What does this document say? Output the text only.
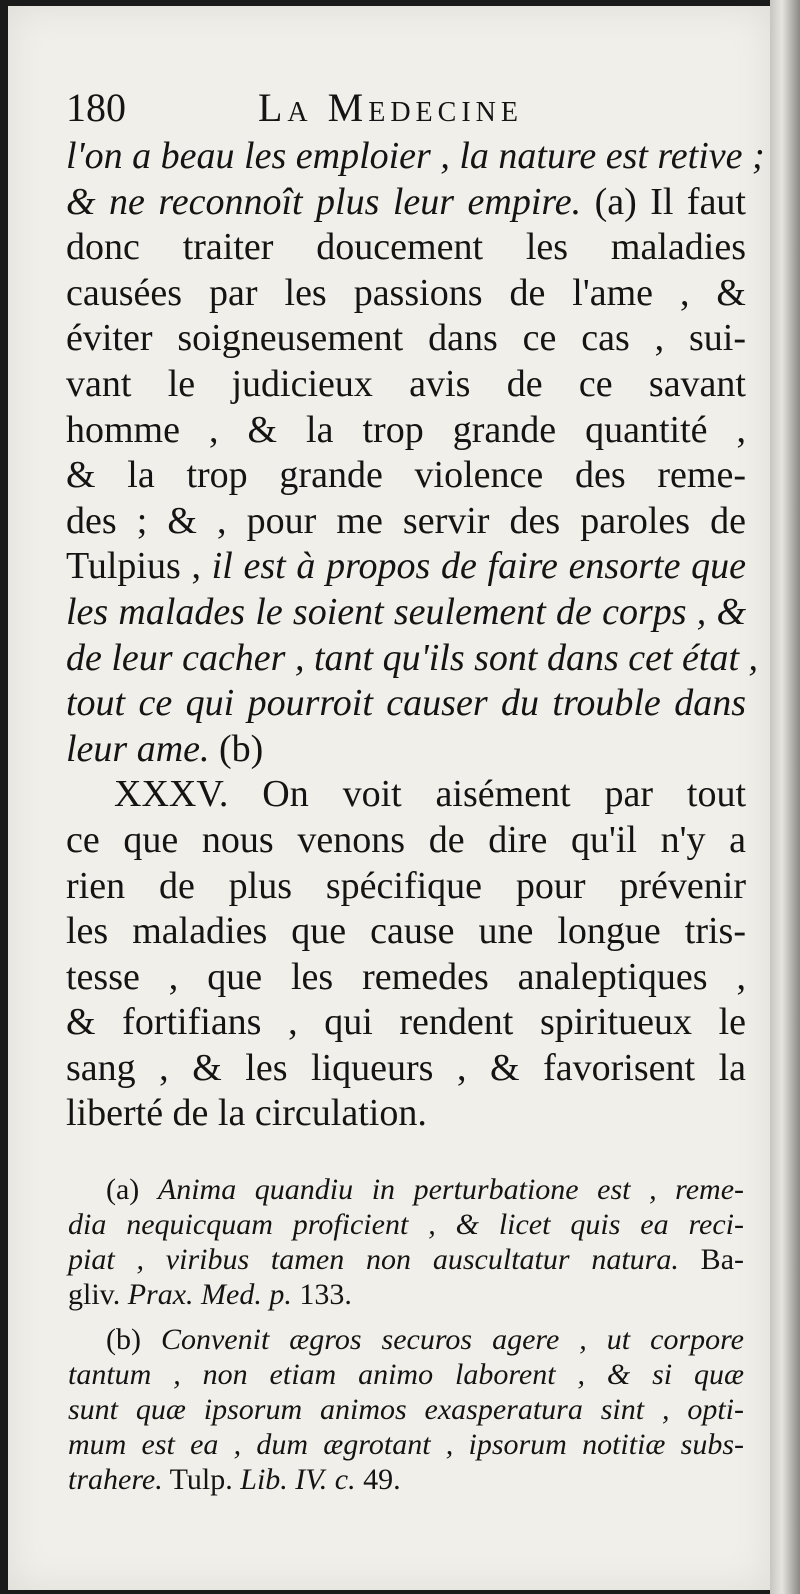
180	La Medecine
l'on a beau les emploier , la nature est retive ;
& ne reconnoît plus leur empire. (a) Il faut
donc traiter doucement les maladies
causées par les passions de l'ame , &
éviter soigneusement dans ce cas , sui-
vant le judicieux avis de ce savant
homme , & la trop grande quantité ,
& la trop grande violence des reme-
des ; & , pour me servir des paroles de
Tulpius , il est à propos de faire ensorte que
les malades le soient seulement de corps , &
de leur cacher , tant qu'ils sont dans cet état ,
tout ce qui pourroit causer du trouble dans
leur ame. (b)
XXXV. On voit aisément par tout
ce que nous venons de dire qu'il n'y a
rien de plus spécifique pour prévenir
les maladies que cause une longue tris-
tesse , que les remedes analeptiques ,
& fortifians , qui rendent spiritueux le
sang , & les liqueurs , & favorisent la
liberté de la circulation.
(a) Anima quandiu in perturbatione est , reme-
dia nequicquam proficient , & licet quis ea reci-
piat , viribus tamen non auscultatur natura. Ba-
gliv. Prax. Med. p. 133.
(b) Convenit ægros securos agere , ut corpore
tantum , non etiam animo laborent , & si quæ
sunt quæ ipsorum animos exasperatura sint , opti-
mum est ea , dum ægrotant , ipsorum notitiæ subs-
trahere. Tulp. Lib. IV. c. 49.
